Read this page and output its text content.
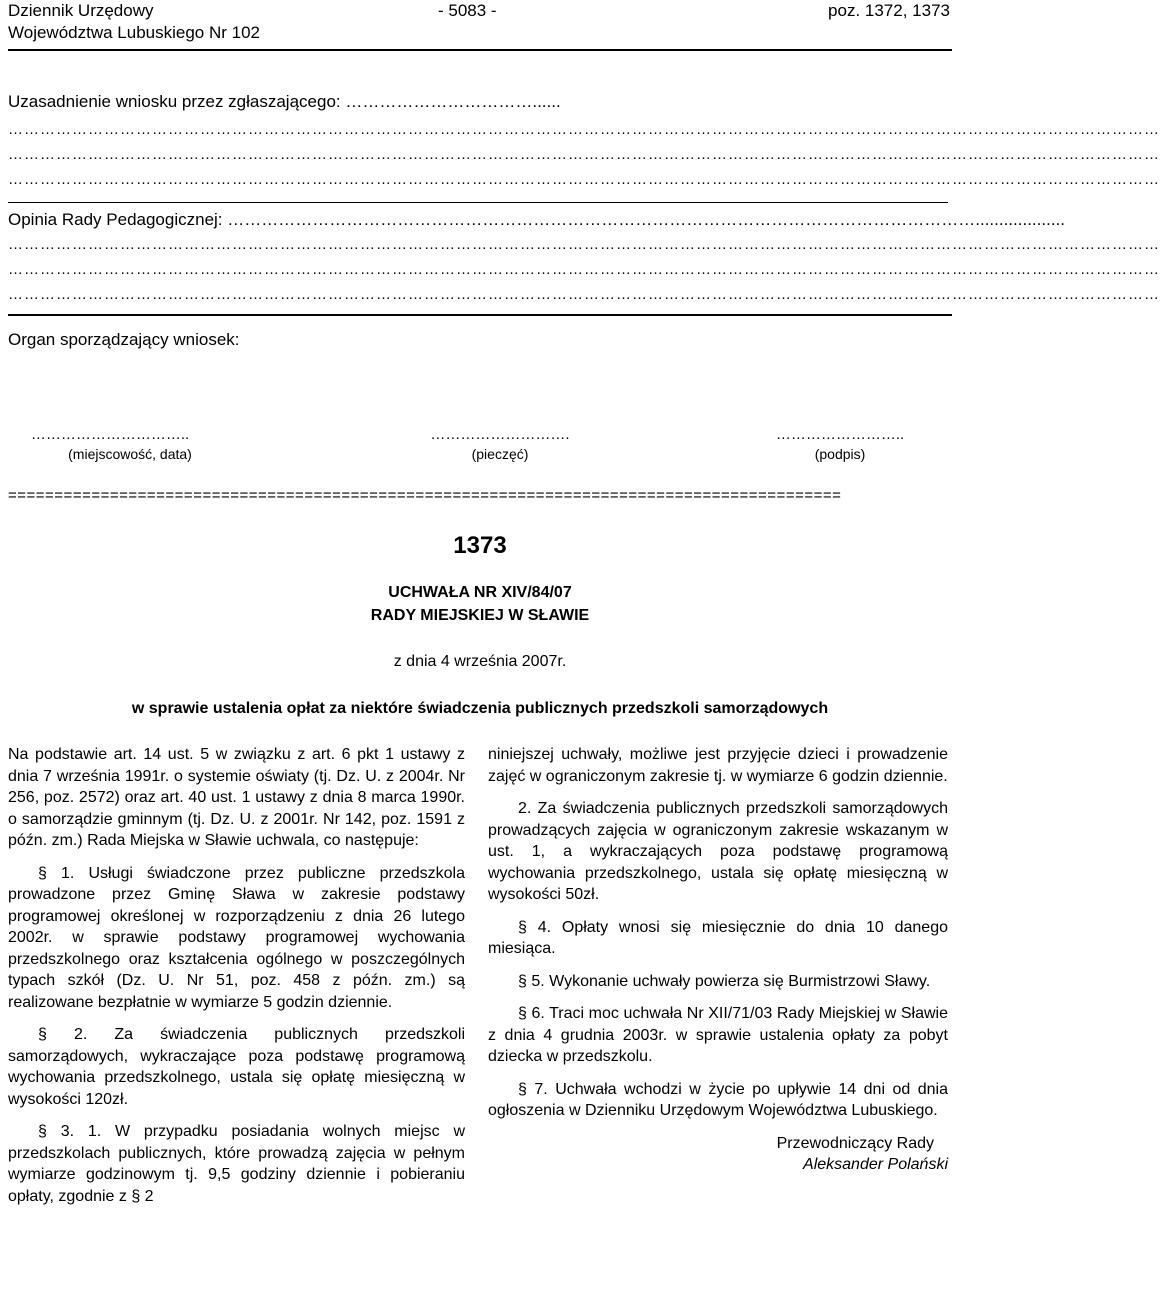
Dziennik Urzędowy
Województwa Lubuskiego Nr 102
- 5083 -	poz. 1372, 1373
Uzasadnienie wniosku przez zgłaszającego: ……………………………......
………………………………………………………………………………………………………………………………………………………………………………………………
………………………………………………………………………………………………………………………………………………………………………………………………
………………………………………………………………………………………………………………………………………………………………………………………………
Opinia Rady Pedagogicznej: ……………………………………………………………………………………………………………………...................
………………………………………………………………………………………………………………………………………………………………………………………………
………………………………………………………………………………………………………………………………………………………………………………………………
………………………………………………………………………………………………………………………………………………………………………………………………
Organ sporządzający wniosek:
…………………………..	……………………….	……………………..
(miejscowość, data)	(pieczęć)	(podpis)
==========================================================================================
1373
UCHWAŁA NR XIV/84/07
RADY MIEJSKIEJ W SŁAWIE
z dnia 4 września 2007r.
w sprawie ustalenia opłat za niektóre świadczenia publicznych przedszkoli samorządowych

Na podstawie art. 14 ust. 5 w związku z art. 6 pkt 1 ustawy z dnia 7 września 1991r. o systemie oświaty (tj. Dz. U. z 2004r. Nr 256, poz. 2572) oraz art. 40 ust. 1 ustawy z dnia 8 marca 1990r. o samorządzie gminnym (tj. Dz. U. z 2001r. Nr 142, poz. 1591 z późn. zm.) Rada Miejska w Sławie uchwala, co następuje:

§ 1. Usługi świadczone przez publiczne przedszkola prowadzone przez Gminę Sława w zakresie podstawy programowej określonej w rozporządzeniu z dnia 26 lutego 2002r. w sprawie podstawy programowej wychowania przedszkolnego oraz kształcenia ogólnego w poszczególnych typach szkół (Dz. U. Nr 51, poz. 458 z późn. zm.) są realizowane bezpłatnie w wymiarze 5 godzin dziennie.

§ 2. Za świadczenia publicznych przedszkoli samorządowych, wykraczające poza podstawę programową wychowania przedszkolnego, ustala się opłatę miesięczną w wysokości 120zł.

§ 3. 1. W przypadku posiadania wolnych miejsc w przedszkolach publicznych, które prowadzą zajęcia w pełnym wymiarze godzinowym tj. 9,5 godziny dziennie i pobieraniu opłaty, zgodnie z § 2

niniejszej uchwały, możliwe jest przyjęcie dzieci i prowadzenie zajęć w ograniczonym zakresie tj. w wymiarze 6 godzin dziennie.

2. Za świadczenia publicznych przedszkoli samorządowych prowadzących zajęcia w ograniczonym zakresie wskazanym w ust. 1, a wykraczających poza podstawę programową wychowania przedszkolnego, ustala się opłatę miesięczną w wysokości 50zł.

§ 4. Opłaty wnosi się miesięcznie do dnia 10 danego miesiąca.

§ 5. Wykonanie uchwały powierza się Burmistrzowi Sławy.

§ 6. Traci moc uchwała Nr XII/71/03 Rady Miejskiej w Sławie z dnia 4 grudnia 2003r. w sprawie ustalenia opłaty za pobyt dziecka w przedszkolu.

§ 7. Uchwała wchodzi w życie po upływie 14 dni od dnia ogłoszenia w Dzienniku Urzędowym Województwa Lubuskiego.

Przewodniczący Rady
Aleksander Polański
